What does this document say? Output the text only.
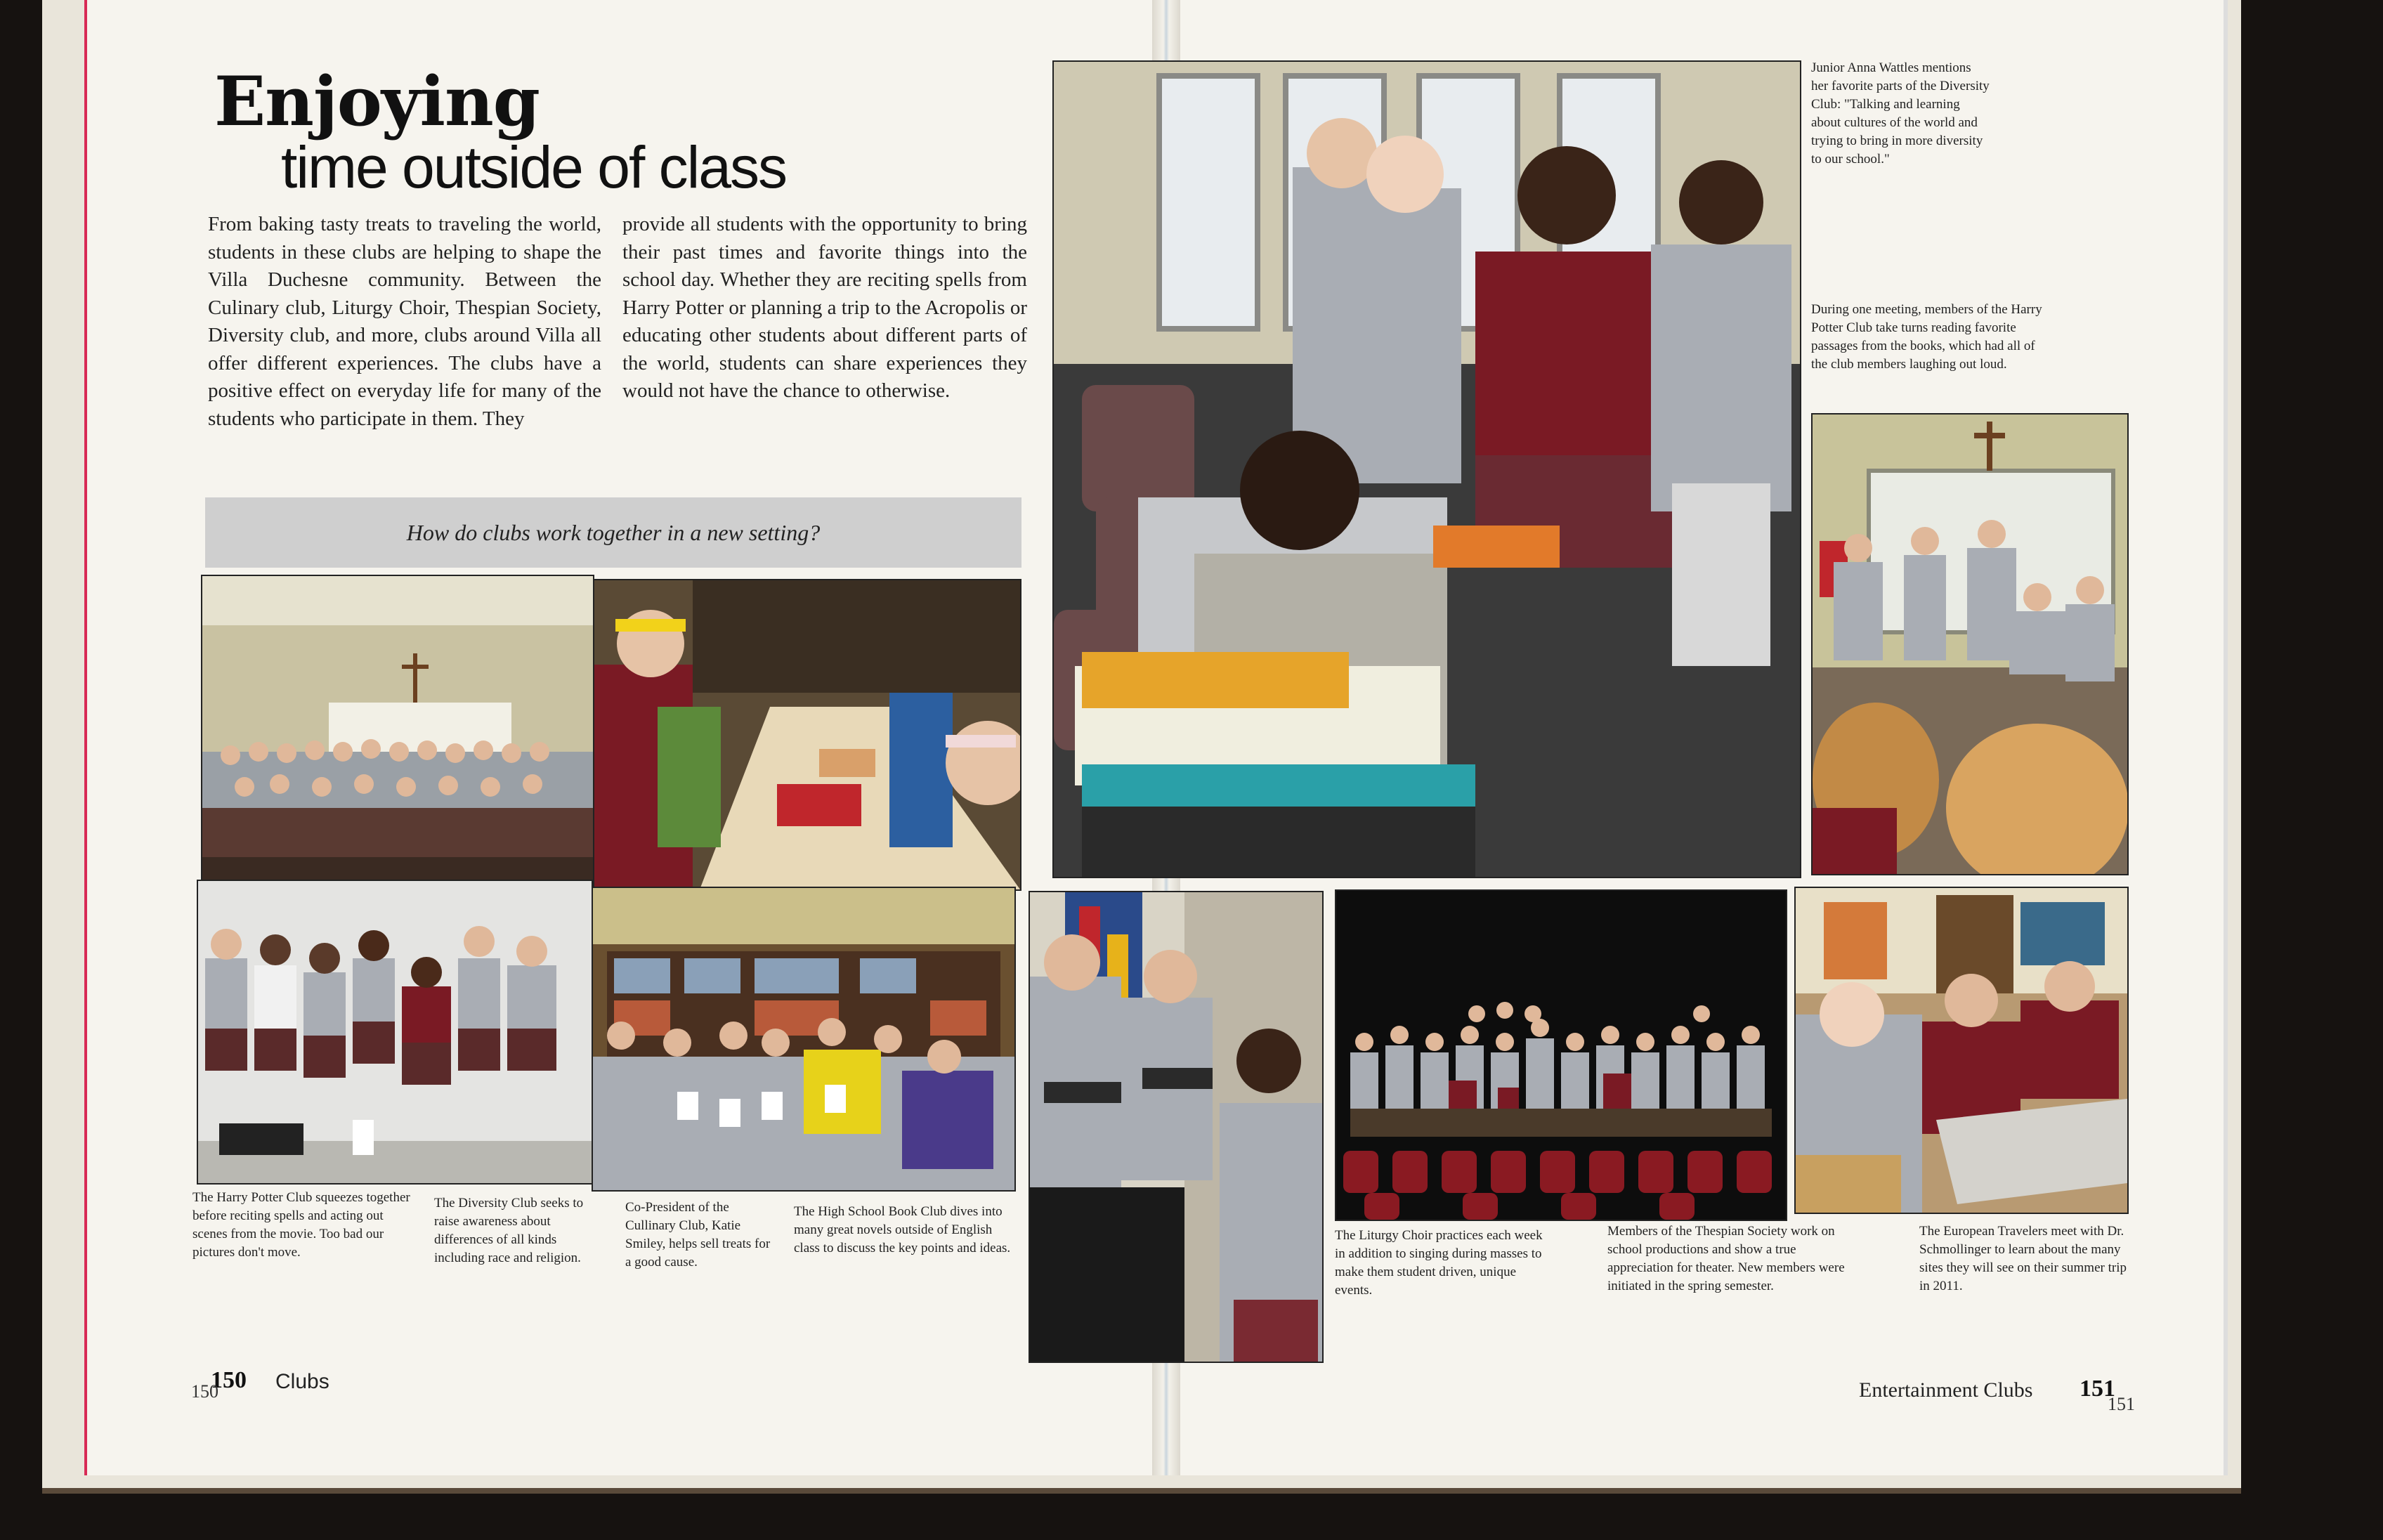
Enjoying
time outside of class
From baking tasty treats to traveling the world, students in these clubs are helping to shape the Villa Duchesne community. Between the Culinary club, Liturgy Choir, Thespian Society, Diversity club, and more, clubs around Villa all offer different experiences. The clubs have a positive effect on everyday life for many of the students who participate in them. They
provide all students with the opportunity to bring their past times and favorite things into the school day. Whether they are reciting spells from Harry Potter or planning a trip to the Acropolis or educating other students about different parts of the world, students can share experiences they would not have the chance to otherwise.
How do clubs work together in a new setting?
The Harry Potter Club squeezes together before reciting spells and acting out scenes from the movie. Too bad our pictures don't move.
The Diversity Club seeks to raise awareness about differences of all kinds including race and religion.
Co-President of the Cullinary Club, Katie Smiley, helps sell treats for a good cause.
The High School Book Club dives into many great novels outside of English class to discuss the key points and ideas.
150
150	Clubs
Junior Anna Wattles mentions her favorite parts of the Diversity Club: "Talking and learning about cultures of the world and trying to bring in more diversity to our school."
During one meeting, members of the Harry Potter Club take turns reading favorite passages from the books, which had all of the club members laughing out loud.
The Liturgy Choir practices each week in addition to singing during masses to make them student driven, unique events.
Members of the Thespian Society work on school productions and show a true appreciation for theater. New members were initiated in the spring semester.
The European Travelers meet with Dr. Schmollinger to learn about the many sites they will see on their summer trip in 2011.
Entertainment Clubs 151
151
